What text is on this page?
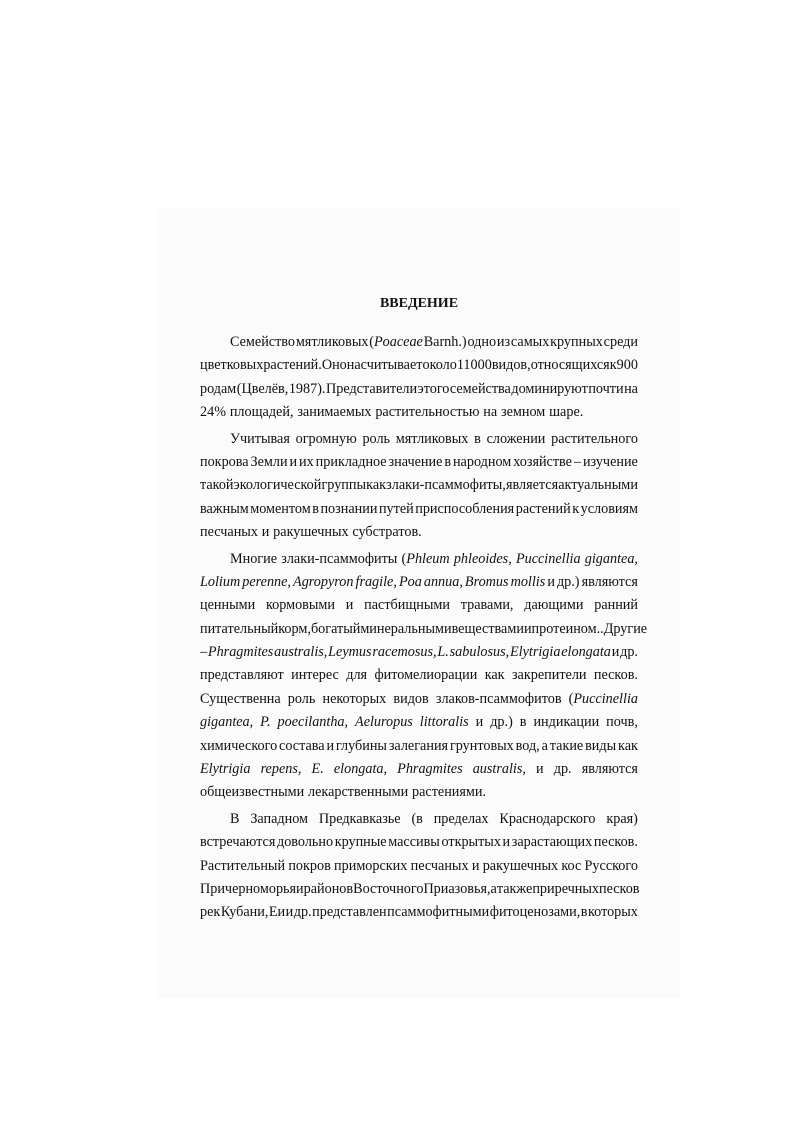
ВВЕДЕНИЕ
Семейство мятликовых (Poaceae Barnh.) одно из самых крупных среди
цветковых растений. Оно насчитывает около 11000 видов, относящихся к 900
родам (Цвелёв, 1987). Представители этого семейства доминируют почти на
24% площадей, занимаемых растительностью на земном шаре.
Учитывая огромную роль мятликовых в сложении растительного
покрова Земли и их прикладное значение в народном хозяйстве – изучение
такой экологической группы как злаки-псаммофиты, является актуальным и
важным моментом в познании путей приспособления растений к условиям
песчаных и ракушечных субстратов.
Многие злаки-псаммофиты (Phleum phleoides, Puccinellia gigantea,
Lolium perenne, Agropyron fragile, Poa annua, Bromus mollis и др.) являются
ценными кормовыми и пастбищными травами, дающими ранний
питательный корм, богатый минеральными веществами и протеином.. Другие
– Phragmites australis, Leymus racemosus, L. sabulosus, Elytrigia elongata и др.
представляют интерес для фитомелиорации как закрепители песков.
Существенна роль некоторых видов злаков-псаммофитов (Puccinellia
gigantea, P. poecilantha, Aeluropus littoralis и др.) в индикации почв,
химического состава и глубины залегания грунтовых вод, а такие виды как
Elytrigia repens, E. elongata, Phragmites australis, и др. являются
общеизвестными лекарственными растениями.
В Западном Предкавказье (в пределах Краснодарского края)
встречаются довольно крупные массивы открытых и зарастающих песков.
Растительный покров приморских песчаных и ракушечных кос Русского
Причерноморья и районов Восточного Приазовья, а также приречных песков
рек Кубани, Еи и др. представлен псаммофитными фитоценозами, в которых
